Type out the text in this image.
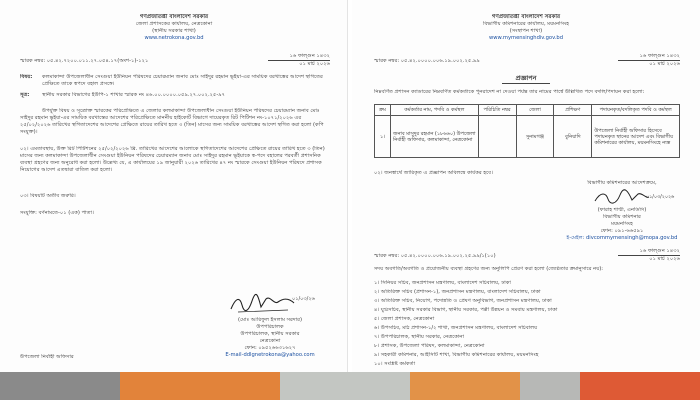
গণপ্রজাতন্ত্রী বাংলাদেশ সরকার
জেলা প্রশাসকের কার্যালয়, নেত্রকোনা
(স্থানীয় সরকার শাখা)
www.netrokona.gov.bd
স্মারক নম্বর: ০৫.৪২.৭২০০.০১১.২৭.০৫৪.১৭(অংশ-১)-১২১
১৬ ফাল্গুন ১৪৩২
০১ মার্চ ২০২৬
বিষয়:	কলমাকান্দা উপজেলাধীন সেংগুয়া ইউনিয়ন পরিষদের চেয়ারম্যান জনাব মোঃ সাইদুর রহমান ভূইয়া-এর সাময়িক বরখাস্তের আদেশ স্থগিতের প্রেক্ষিতে তাকে স্বপদে বহাল প্রসঙ্গে।
সূত্র:	স্থানীয় সরকার বিভাগের ইউপি-১ শাখার স্মারক নং ৪৬.০০.০০০০.০৫৯.২৭.০০২.২৫-৯৭
উপর্যুক্ত বিষয় ও সূত্রোক্ত স্মারকের পরিপ্রেক্ষিতে এ জেলার কলমাকান্দা উপজেলাধীন সেংগুয়া ইউনিয়ন পরিষদের চেয়ারম্যান জনাব মোঃ সাইদুর রহমান ভূইয়া-এর সাময়িক বরখাস্তের আদেশের পরিপ্রেক্ষিতে মাননীয় হাইকোর্ট বিভাগে দায়েরকৃত রিট পিটিশন নং-১০৭১/২০২৬ এর ২৫/০২/২০২৬ তারিখের স্থগিতাদেশের আদেশের প্রেক্ষিতে রায়ের তারিখ হতে ৩ (তিন) মাসের জন্য সাময়িক বরখাস্তের আদেশ স্থগিত করা হলো (কপি সংযুক্ত)।
০২। এমতাবস্থায়, উক্ত রিট পিটিশনের ২৫/০২/২০২৬ খ্রি. তারিখের আদেশের আলোকে স্থগিতাদেশের আদেশের প্রেক্ষিতে রায়ের তারিখ হতে ৩ (তিন) মাসের জন্য কলমাকান্দা উপজেলাধীন সেংগুয়া ইউনিয়ন পরিষদের চেয়ারম্যান জনাব মোঃ সাইদুর রহমান ভূইয়াকে স্ব-পদে বহালের পরবর্তী প্রশাসনিক ব্যবস্থা গ্রহণের জন্য অনুরোধ করা হলো। উল্লেখ্য যে, এ কার্যালয়ের ১৯ জানুয়ারী ২০২৬ তারিখের ৪৭ নং স্মারকে সেংগুয়া ইউনিয়ন পরিষদে প্রশাসক নিয়োগের আদেশ এতদ্বারা বাতিল করা হলো।
০৩। বিষয়টি অতীব জরুরি।
সংযুক্তি: বর্ণনামতে-০১ (এক) পাতা।
০১/০৩/২৬
(মোঃ আরিফুল ইসলাম সরদার)
উপপরিচালক
উপপরিচালক, স্থানীয় সরকার
নেত্রকোনা
ফোন: ০৯৫২৬৬৩১৬২৭
E-mail-ddlgnetrokona@yahoo.com
উপজেলা নির্বাহী অফিসার
গণপ্রজাতন্ত্রী বাংলাদেশ সরকার
বিভাগীয় কমিশনারের কার্যালয়, ময়মনসিংহ
(সংস্থাপন শাখা)
www.mymensinghdiv.gov.bd
স্মারক নম্বর: ০৫.৪২.০০০০.০০৬.১৯.০০২.২৫.৯৯
১৬ ফাল্গুন ১৪৩২
০১ মার্চ ২০২৬
প্রজ্ঞাপন
নিম্নবর্ণিত প্রশাসন ক্যাডারের নিম্নবর্ণিত কর্মকর্তাকে পুনরাদেশ না দেওয়া পর্যন্ত তার নামের পার্শ্বে উল্লিখিত পদে বদলি/পদায়ন করা হলো:
ক্রম	কর্মকর্তার নাম, পদবি ও কর্মস্থল	পরিচিতি নম্বর	জেলা	প্রশিক্ষণ	পদায়নকৃত/বদলিকৃত পদবি ও কর্মস্থল
১।	জনাব মাসুদুর রহমান (১৮৬৬০) উপজেলা নির্বাহী অফিসার, কলমাকান্দা, নেত্রকোনা		সুনামগঞ্জ	বুনিয়াদি	উপজেলা নির্বাহী অফিসার হিসেবে পদায়নকৃত স্থানের আদেশ এবং বিভাগীয় কমিশনারের কার্যালয়, ময়মনসিংহে ন্যস্ত
০২। জনস্বার্থে জারিকৃত এ প্রজ্ঞাপন অবিলম্বে কার্যকর হবে।
বিভাগীয় কমিশনারের আদেশক্রমে,
০১/০৩/২০২৬
(ফারাহ শাম্মী, এনডিসি)
বিভাগীয় কমিশনার
ময়মনসিংহ
ফোন: ০৯১-৬৬৫৯১
ই-মেইল: divcommymensingh@mopa.gov.bd
স্মারক নম্বর: ০৫.৪২.০০০০.০০৬.১৯.০০২.২৫.৯৯/১(১০)
১৬ ফাল্গুন ১৪৩২
০১ মার্চ ২০২৬
সদয় অবগতি/অবগতি ও প্রয়োজনীয় ব্যবস্থা গ্রহণের জন্য অনুলিপি প্রেরণ করা হলো (জ্যেষ্ঠতার ক্রমানুসারে নয়):
১। সিনিয়র সচিব, জনপ্রশাসন মন্ত্রণালয়, বাংলাদেশ সচিবালয়, ঢাকা
২। অতিরিক্ত সচিব (প্রশাসন-১), জনপ্রশাসন মন্ত্রণালয়, বাংলাদেশ সচিবালয়, ঢাকা
৩। অতিরিক্ত সচিব, নিয়োগ, পদোন্নতি ও প্রেষণ অনুবিভাগ, জনপ্রশাসন মন্ত্রণালয়, ঢাকা
৪। যুগ্মসচিব, স্থানীয় সরকার বিভাগ, স্থানীয় সরকার, পল্লী উন্নয়ন ও সমবায় মন্ত্রণালয়, ঢাকা
৫। জেলা প্রশাসক, নেত্রকোনা
৬। উপসচিব, মাঠ প্রশাসন-১/২ শাখা, জনপ্রশাসন মন্ত্রণালয়, বাংলাদেশ সচিবালয়
৭। উপপরিচালক, স্থানীয় সরকার, নেত্রকোনা
৮। প্রশাসক, উপজেলা পরিষদ, কলমাকান্দা, নেত্রকোনা
৯। সহকারী কমিশনার, আইসিটি শাখা, বিভাগীয় কমিশনারের কার্যালয়, ময়মনসিংহ
১০। সংশ্লিষ্ট কর্মকর্তা
